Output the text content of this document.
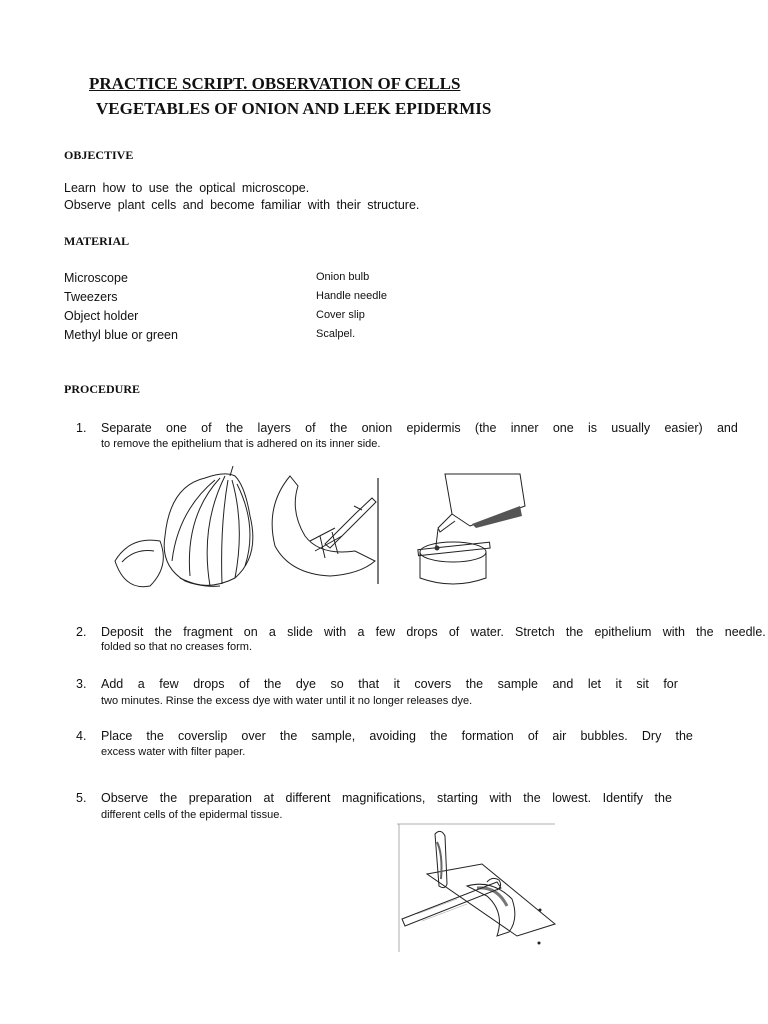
PRACTICE SCRIPT. OBSERVATION OF CELLS
VEGETABLES OF ONION AND LEEK EPIDERMIS
OBJECTIVE
Learn how to use the optical microscope.
Observe plant cells and become familiar with their structure.
MATERIAL
Microscope
Tweezers
Object holder
Methyl blue or green
Onion bulb
Handle needle
Cover slip
Scalpel.
PROCEDURE
1. Separate one of the layers of the onion epidermis (the inner one is usually easier) and
to remove the epithelium that is adhered on its inner side.
2. Deposit the fragment on a slide with a few drops of water. Stretch the epithelium with the needle.
folded so that no creases form.
3. Add a few drops of the dye so that it covers the sample and let it sit for
two minutes. Rinse the excess dye with water until it no longer releases dye.
4. Place the coverslip over the sample, avoiding the formation of air bubbles. Dry the
excess water with filter paper.
5. Observe the preparation at different magnifications, starting with the lowest. Identify the
different cells of the epidermal tissue.
